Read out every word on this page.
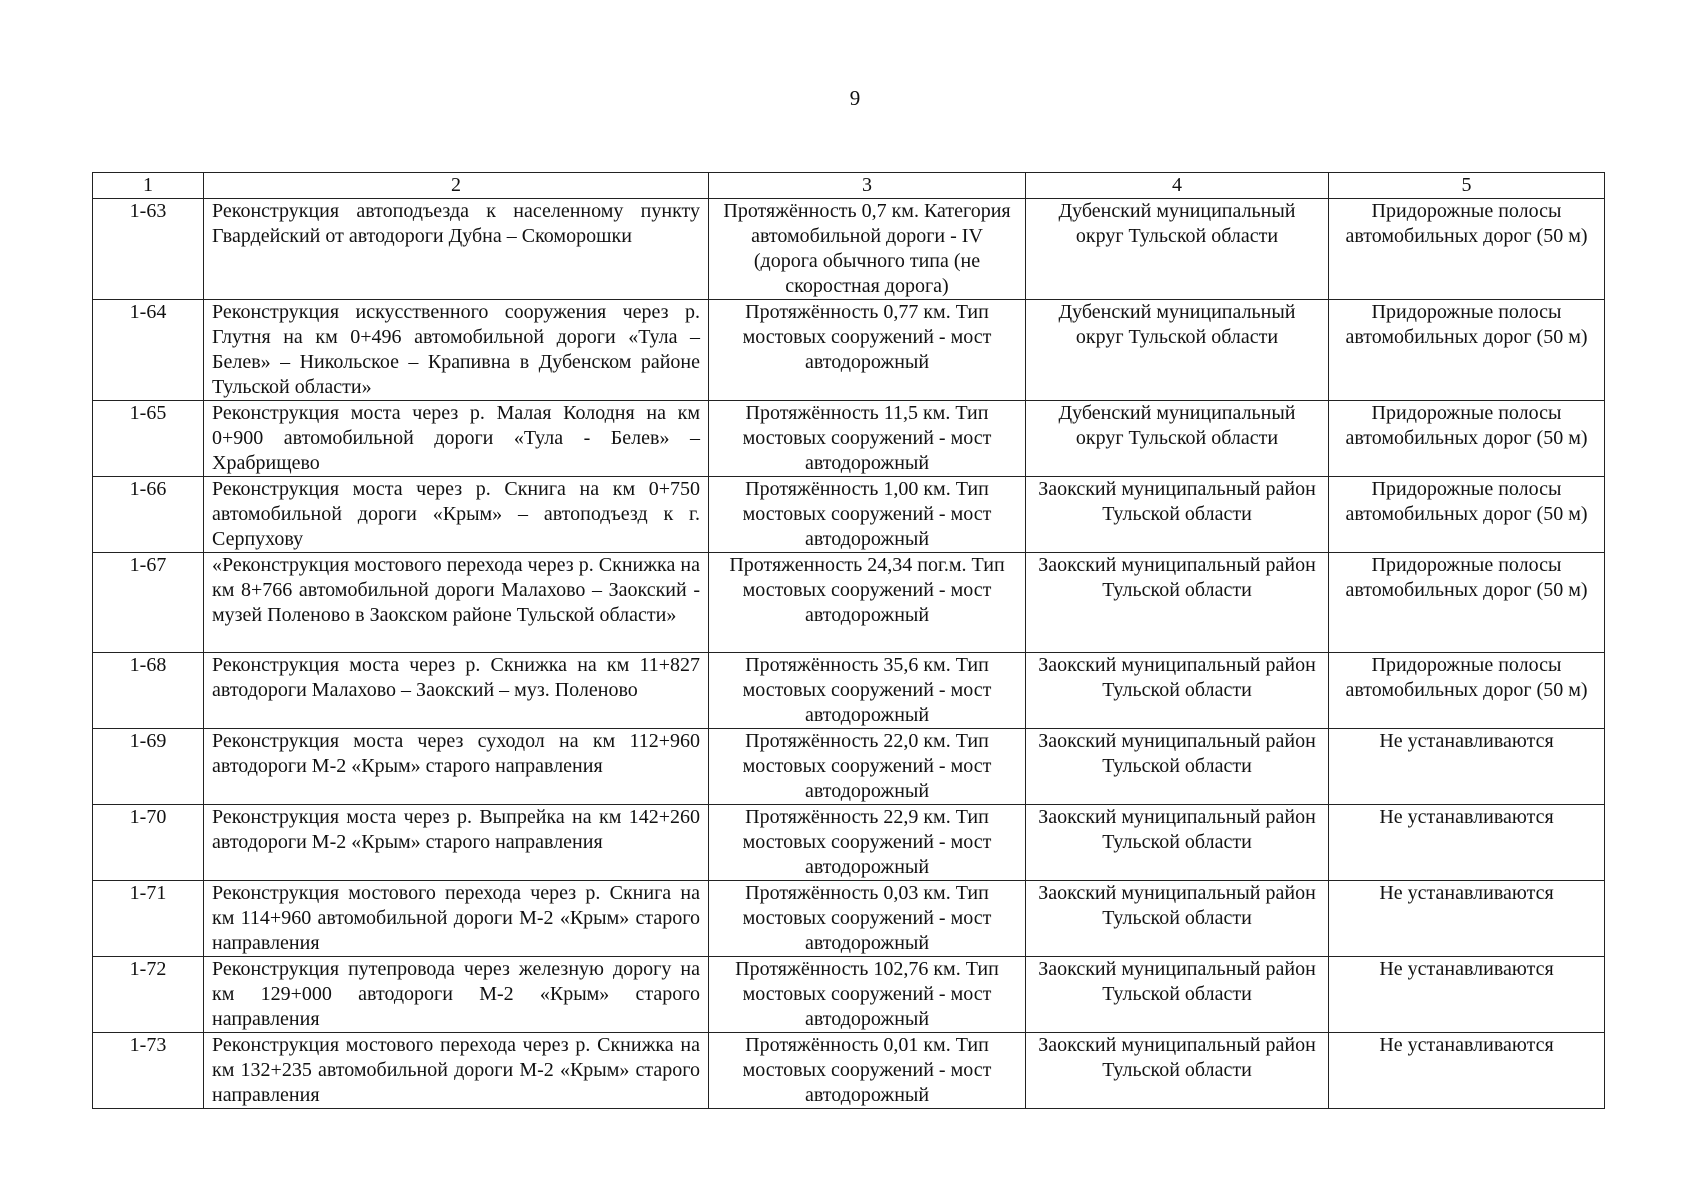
9
1	2	3	4	5
1-63	Реконструкция автоподъезда к населенному пункту Гвардейский от автодороги Дубна – Скоморошки	Протяжённость 0,7 км. Категория автомобильной дороги - IV (дорога обычного типа (не скоростная дорога)	Дубенский муниципальный округ Тульской области	Придорожные полосы автомобильных дорог (50 м)
1-64	Реконструкция искусственного сооружения через р. Глутня на км 0+496 автомобильной дороги «Тула – Белев» – Никольское – Крапивна в Дубенском районе Тульской области»	Протяжённость 0,77 км. Тип мостовых сооружений - мост автодорожный	Дубенский муниципальный округ Тульской области	Придорожные полосы автомобильных дорог (50 м)
1-65	Реконструкция моста через р. Малая Колодня на км 0+900 автомобильной дороги «Тула - Белев» – Храбрищево	Протяжённость 11,5 км. Тип мостовых сооружений - мост автодорожный	Дубенский муниципальный округ Тульской области	Придорожные полосы автомобильных дорог (50 м)
1-66	Реконструкция моста через р. Скнига на км 0+750 автомобильной дороги «Крым» – автоподъезд к г. Серпухову	Протяжённость 1,00 км. Тип мостовых сооружений - мост автодорожный	Заокский муниципальный район Тульской области	Придорожные полосы автомобильных дорог (50 м)
1-67	«Реконструкция мостового перехода через р. Скнижка на км 8+766 автомобильной дороги Малахово – Заокский - музей Поленово в Заокском районе Тульской области»	Протяженность 24,34 пог.м. Тип мостовых сооружений - мост автодорожный	Заокский муниципальный район Тульской области	Придорожные полосы автомобильных дорог (50 м)
1-68	Реконструкция моста через р. Скнижка на км 11+827 автодороги Малахово – Заокский – муз. Поленово	Протяжённость 35,6 км. Тип мостовых сооружений - мост автодорожный	Заокский муниципальный район Тульской области	Придорожные полосы автомобильных дорог (50 м)
1-69	Реконструкция моста через суходол на км 112+960 автодороги М-2 «Крым» старого направления	Протяжённость 22,0 км. Тип мостовых сооружений - мост автодорожный	Заокский муниципальный район Тульской области	Не устанавливаются
1-70	Реконструкция моста через р. Выпрейка на км 142+260 автодороги М-2 «Крым» старого направления	Протяжённость 22,9 км. Тип мостовых сооружений - мост автодорожный	Заокский муниципальный район Тульской области	Не устанавливаются
1-71	Реконструкция мостового перехода через р. Скнига на км 114+960 автомобильной дороги М-2 «Крым» старого направления	Протяжённость 0,03 км. Тип мостовых сооружений - мост автодорожный	Заокский муниципальный район Тульской области	Не устанавливаются
1-72	Реконструкция путепровода через железную дорогу на км 129+000 автодороги М-2 «Крым» старого направления	Протяжённость 102,76 км. Тип мостовых сооружений - мост автодорожный	Заокский муниципальный район Тульской области	Не устанавливаются
1-73	Реконструкция мостового перехода через р. Скнижка на км 132+235 автомобильной дороги М-2 «Крым» старого направления	Протяжённость 0,01 км. Тип мостовых сооружений - мост автодорожный	Заокский муниципальный район Тульской области	Не устанавливаются
